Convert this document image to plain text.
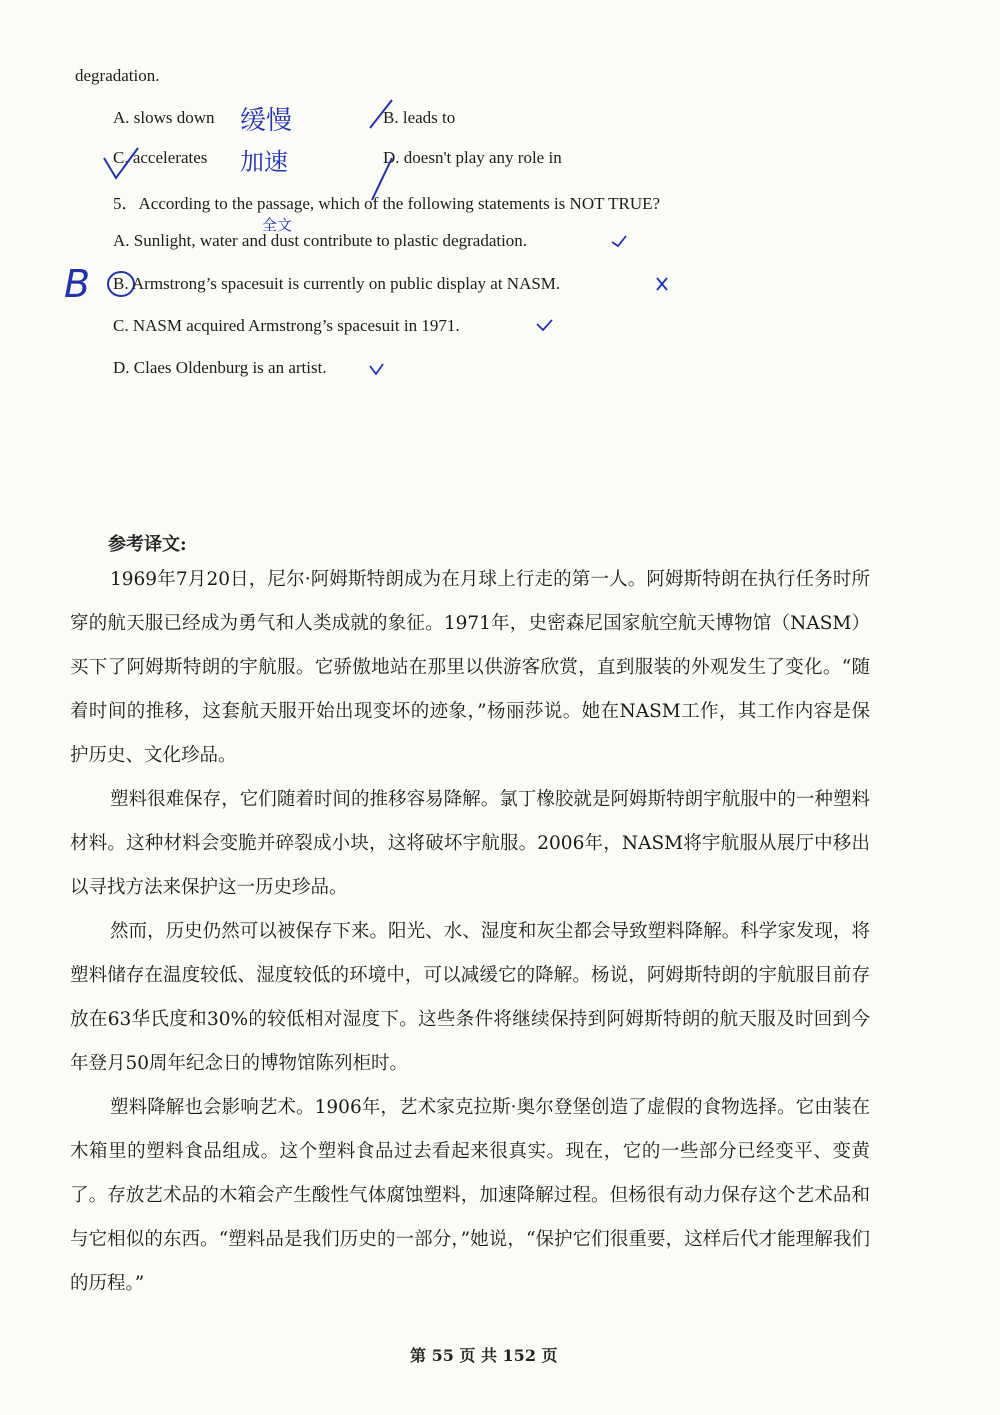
degradation.
A. slows down 缓慢	B. leads to
C. accelerates 加速	D. doesn't play any role in
5．According to the passage, which of the following statements is NOT TRUE?
全文
B
A. Sunlight, water and dust contribute to plastic degradation.
B. Armstrong’s spacesuit is currently on public display at NASM.
C. NASM acquired Armstrong’s spacesuit in 1971.
D. Claes Oldenburg is an artist.
参考译文:

1969年7月20日，尼尔·阿姆斯特朗成为在月球上行走的第一人。阿姆斯特朗在执行任务时所穿的航天服已经成为勇气和人类成就的象征。1971年，史密森尼国家航空航天博物馆（NASM）买下了阿姆斯特朗的宇航服。它骄傲地站在那里以供游客欣赏，直到服装的外观发生了变化。“随着时间的推移，这套航天服开始出现变坏的迹象，”杨丽莎说。她在NASM工作，其工作内容是保护历史、文化珍品。

塑料很难保存，它们随着时间的推移容易降解。氯丁橡胶就是阿姆斯特朗宇航服中的一种塑料材料。这种材料会变脆并碎裂成小块，这将破坏宇航服。2006年，NASM将宇航服从展厅中移出以寻找方法来保护这一历史珍品。

然而，历史仍然可以被保存下来。阳光、水、湿度和灰尘都会导致塑料降解。科学家发现，将塑料储存在温度较低、湿度较低的环境中，可以减缓它的降解。杨说，阿姆斯特朗的宇航服目前存放在63华氏度和30%的较低相对湿度下。这些条件将继续保持到阿姆斯特朗的航天服及时回到今年登月50周年纪念日的博物馆陈列柜时。

塑料降解也会影响艺术。1906年，艺术家克拉斯·奥尔登堡创造了虚假的食物选择。它由装在木箱里的塑料食品组成。这个塑料食品过去看起来很真实。现在，它的一些部分已经变平、变黄了。存放艺术品的木箱会产生酸性气体腐蚀塑料，加速降解过程。但杨很有动力保存这个艺术品和与它相似的东西。“塑料品是我们历史的一部分，”她说，“保护它们很重要，这样后代才能理解我们的历程。”

第 55 页 共 152 页
